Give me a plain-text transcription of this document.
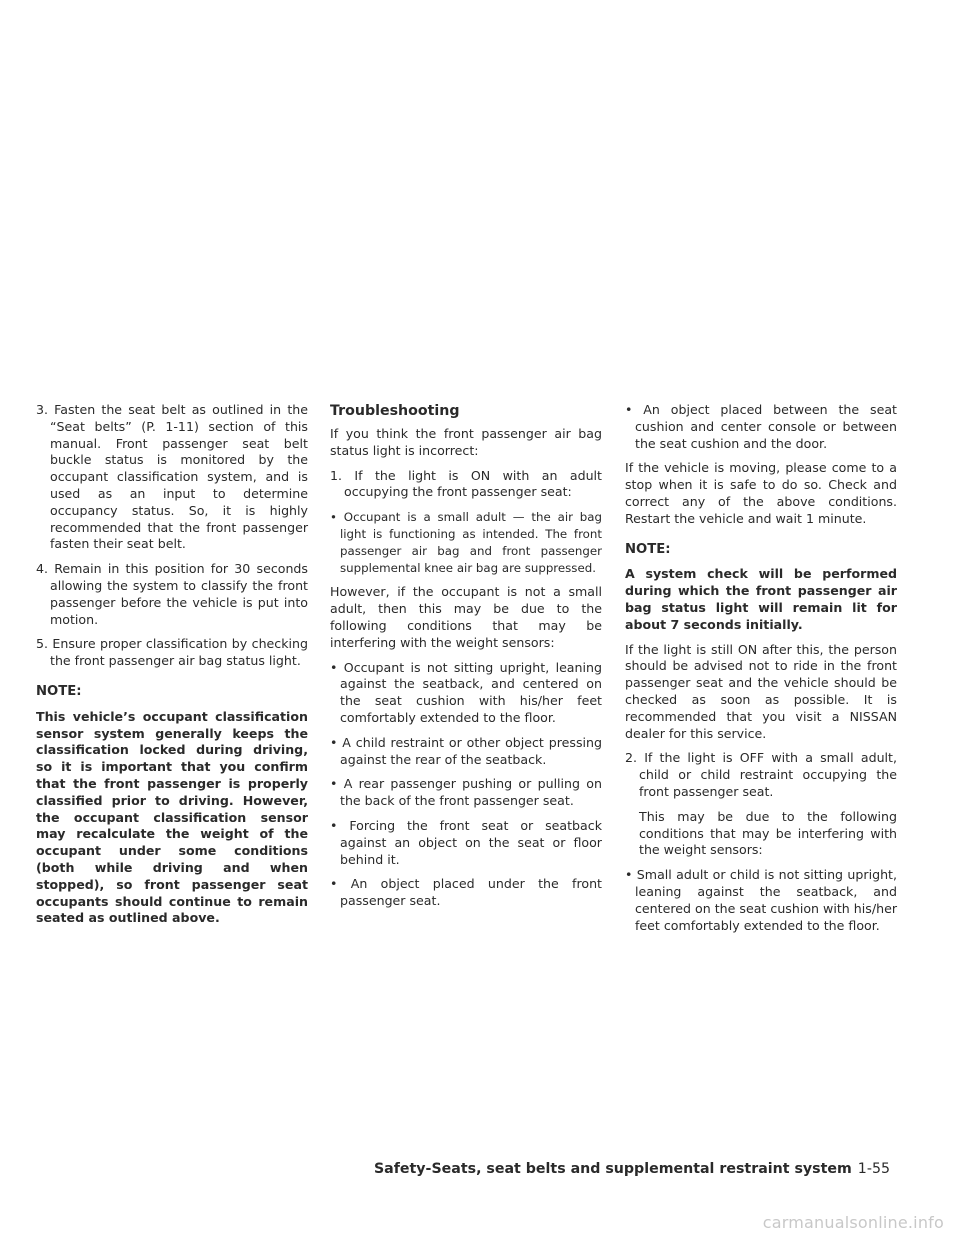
3. Fasten the seat belt as outlined in the “Seat belts” (P. 1-11) section of this manual. Front passenger seat belt buckle status is monitored by the occupant classification system, and is used as an input to determine occupancy status. So, it is highly recommended that the front passenger fasten their seat belt.

4. Remain in this position for 30 seconds allowing the system to classify the front passenger before the vehicle is put into motion.

5. Ensure proper classification by checking the front passenger air bag status light.

NOTE:

This vehicle’s occupant classification sensor system generally keeps the classification locked during driving, so it is important that you confirm that the front passenger is properly classified prior to driving. However, the occupant classification sensor may recalculate the weight of the occupant under some conditions (both while driving and when stopped), so front passenger seat occupants should continue to remain seated as outlined above.

Troubleshooting

If you think the front passenger air bag status light is incorrect:

1. If the light is ON with an adult occupying the front passenger seat:

• Occupant is a small adult — the air bag light is functioning as intended. The front passenger air bag and front passenger supplemental knee air bag are suppressed.

However, if the occupant is not a small adult, then this may be due to the following conditions that may be interfering with the weight sensors:

• Occupant is not sitting upright, leaning against the seatback, and centered on the seat cushion with his/her feet comfortably extended to the floor.

• A child restraint or other object pressing against the rear of the seatback.

• A rear passenger pushing or pulling on the back of the front passenger seat.

• Forcing the front seat or seatback against an object on the seat or floor behind it.

• An object placed under the front passenger seat.

• An object placed between the seat cushion and center console or between the seat cushion and the door.

If the vehicle is moving, please come to a stop when it is safe to do so. Check and correct any of the above conditions. Restart the vehicle and wait 1 minute.

NOTE:

A system check will be performed during which the front passenger air bag status light will remain lit for about 7 seconds initially.

If the light is still ON after this, the person should be advised not to ride in the front passenger seat and the vehicle should be checked as soon as possible. It is recommended that you visit a NISSAN dealer for this service.

2. If the light is OFF with a small adult, child or child restraint occupying the front passenger seat.

This may be due to the following conditions that may be interfering with the weight sensors:

• Small adult or child is not sitting upright, leaning against the seatback, and centered on the seat cushion with his/her feet comfortably extended to the floor.

Safety-Seats, seat belts and supplemental restraint system 1-55
carmanualsonline.info
